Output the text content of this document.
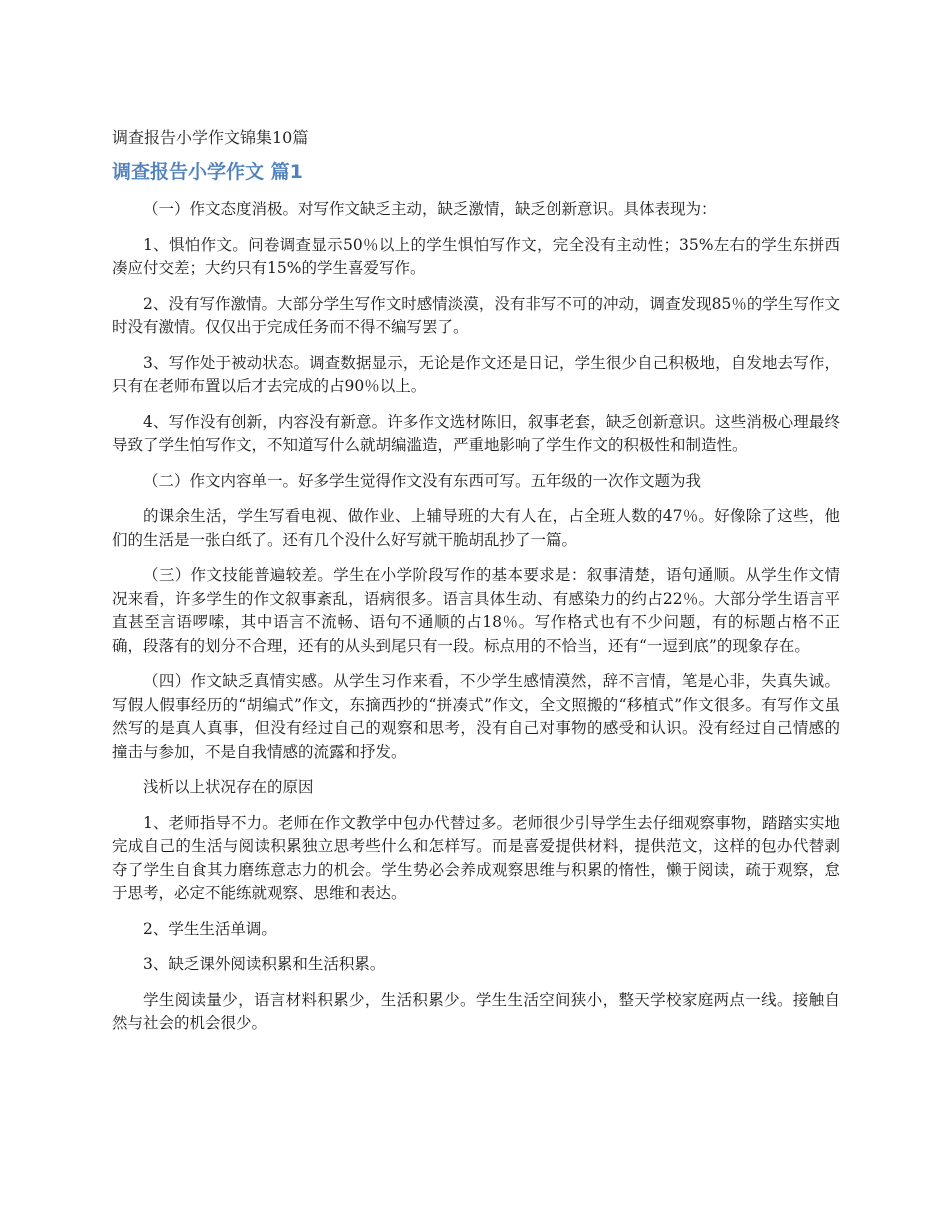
调查报告小学作文锦集10篇
调查报告小学作文 篇1

（一）作文态度消极。对写作文缺乏主动，缺乏激情，缺乏创新意识。具体表现为：

1、惧怕作文。问卷调查显示50％以上的学生惧怕写作文，完全没有主动性；35%左右的学生东拼西凑应付交差；大约只有15%的学生喜爱写作。

2、没有写作激情。大部分学生写作文时感情淡漠，没有非写不可的冲动，调查发现85％的学生写作文时没有激情。仅仅出于完成任务而不得不编写罢了。

3、写作处于被动状态。调查数据显示，无论是作文还是日记，学生很少自己积极地，自发地去写作，只有在老师布置以后才去完成的占90％以上。

4、写作没有创新，内容没有新意。许多作文选材陈旧，叙事老套，缺乏创新意识。这些消极心理最终导致了学生怕写作文，不知道写什么就胡编滥造，严重地影响了学生作文的积极性和制造性。

（二）作文内容单一。好多学生觉得作文没有东西可写。五年级的一次作文题为我

的课余生活，学生写看电视、做作业、上辅导班的大有人在，占全班人数的47％。好像除了这些，他们的生活是一张白纸了。还有几个没什么好写就干脆胡乱抄了一篇。

（三）作文技能普遍较差。学生在小学阶段写作的基本要求是：叙事清楚，语句通顺。从学生作文情况来看，许多学生的作文叙事紊乱，语病很多。语言具体生动、有感染力的约占22％。大部分学生语言平直甚至言语啰嗦，其中语言不流畅、语句不通顺的占18％。写作格式也有不少问题，有的标题占格不正确，段落有的划分不合理，还有的从头到尾只有一段。标点用的不恰当，还有“一逗到底”的现象存在。

（四）作文缺乏真情实感。从学生习作来看，不少学生感情漠然，辞不言情，笔是心非，失真失诚。写假人假事经历的“胡编式”作文，东摘西抄的“拼凑式”作文，全文照搬的“移植式”作文很多。有写作文虽然写的是真人真事，但没有经过自己的观察和思考，没有自己对事物的感受和认识。没有经过自己情感的撞击与参加，不是自我情感的流露和抒发。

浅析以上状况存在的原因

1、老师指导不力。老师在作文教学中包办代替过多。老师很少引导学生去仔细观察事物，踏踏实实地完成自己的生活与阅读积累独立思考些什么和怎样写。而是喜爱提供材料，提供范文，这样的包办代替剥夺了学生自食其力磨练意志力的机会。学生势必会养成观察思维与积累的惰性，懒于阅读，疏于观察，怠于思考，必定不能练就观察、思维和表达。

2、学生生活单调。

3、缺乏课外阅读积累和生活积累。

学生阅读量少，语言材料积累少，生活积累少。学生生活空间狭小，整天学校家庭两点一线。接触自然与社会的机会很少。
